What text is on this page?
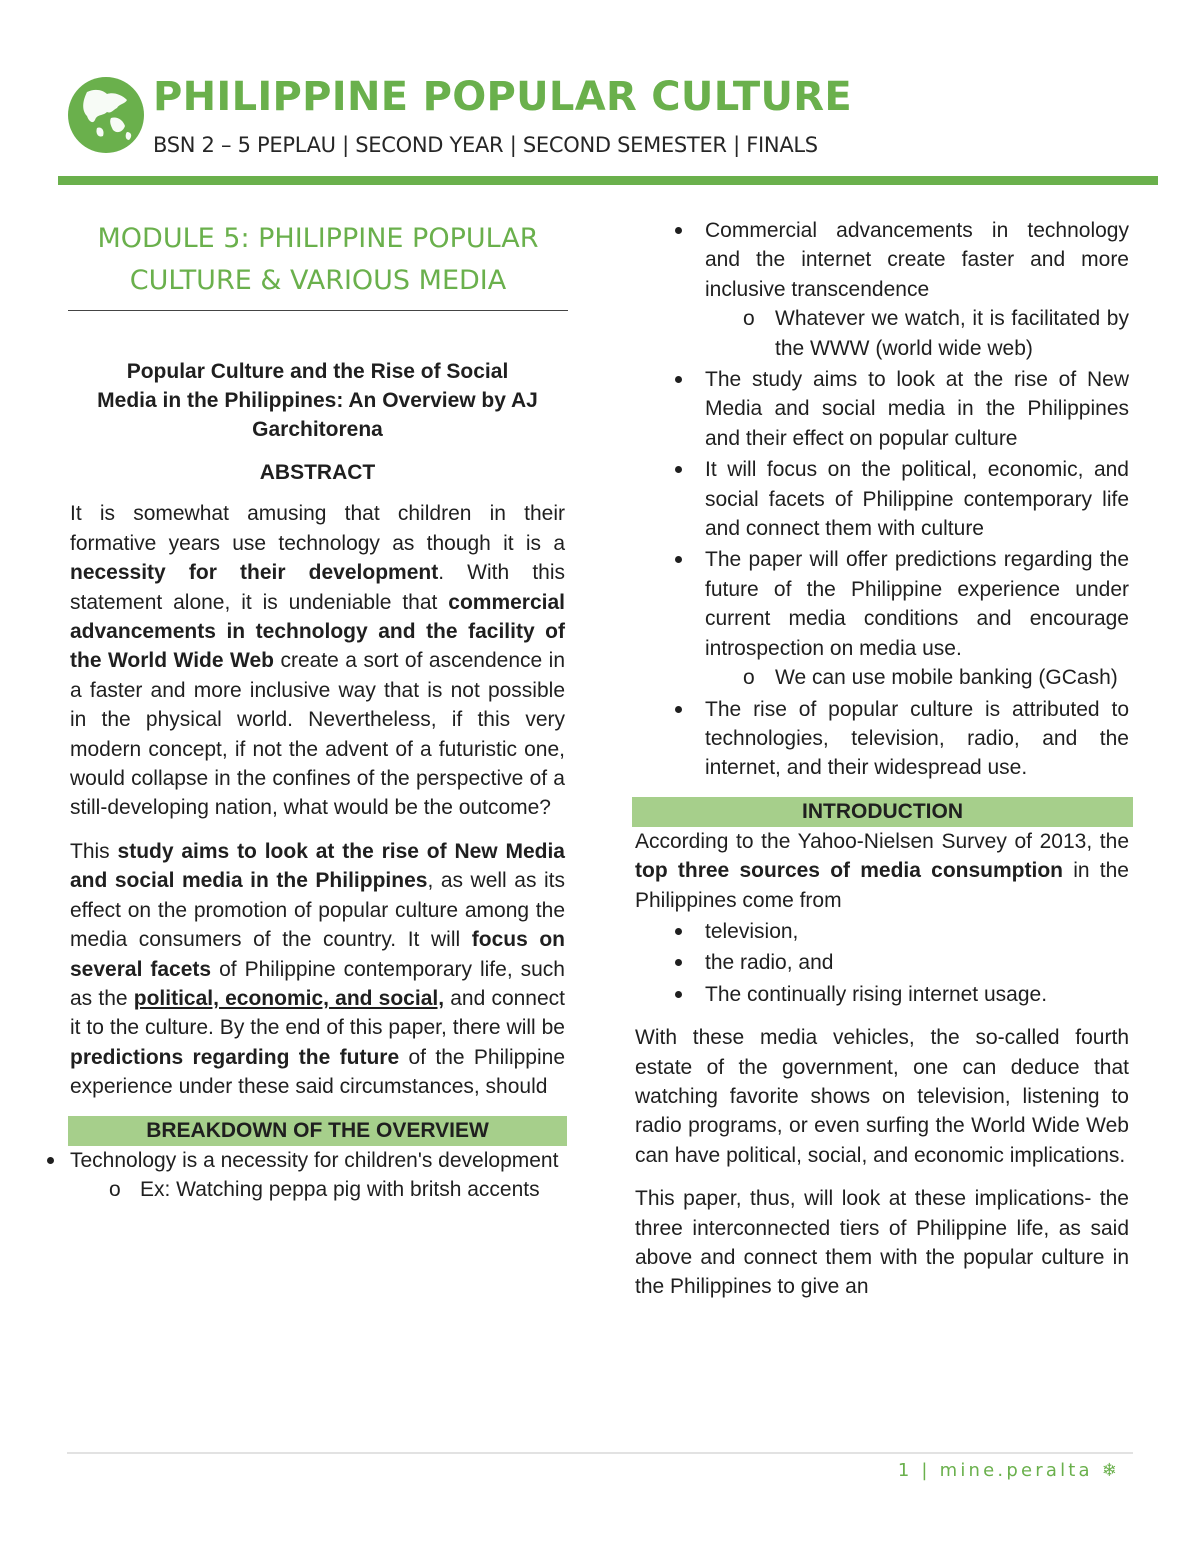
PHILIPPINE POPULAR CULTURE
BSN 2 – 5 PEPLAU | SECOND YEAR | SECOND SEMESTER | FINALS
MODULE 5: PHILIPPINE POPULAR
CULTURE & VARIOUS MEDIA
Popular Culture and the Rise of Social
Media in the Philippines: An Overview by AJ
Garchitorena
ABSTRACT

It is somewhat amusing that children in their formative years use technology as though it is a necessity for their development. With this statement alone, it is undeniable that commercial advancements in technology and the facility of the World Wide Web create a sort of ascendence in a faster and more inclusive way that is not possible in the physical world. Nevertheless, if this very modern concept, if not the advent of a futuristic one, would collapse in the confines of the perspective of a still-developing nation, what would be the outcome?

This study aims to look at the rise of New Media and social media in the Philippines, as well as its effect on the promotion of popular culture among the media consumers of the country. It will focus on several facets of Philippine contemporary life, such as the political, economic, and social, and connect it to the culture. By the end of this paper, there will be predictions regarding the future of the Philippine experience under these said circumstances, should

BREAKDOWN OF THE OVERVIEW
Technology is a necessity for children's development
o Ex: Watching peppa pig with britsh accents
Commercial advancements in technology and the internet create faster and more inclusive transcendence
o Whatever we watch, it is facilitated by the WWW (world wide web)
The study aims to look at the rise of New Media and social media in the Philippines and their effect on popular culture
It will focus on the political, economic, and social facets of Philippine contemporary life and connect them with culture
The paper will offer predictions regarding the future of the Philippine experience under current media conditions and encourage introspection on media use.
o We can use mobile banking (GCash)
The rise of popular culture is attributed to technologies, television, radio, and the internet, and their widespread use.
INTRODUCTION

According to the Yahoo-Nielsen Survey of 2013, the top three sources of media consumption in the Philippines come from

television,
the radio, and
The continually rising internet usage.

With these media vehicles, the so-called fourth estate of the government, one can deduce that watching favorite shows on television, listening to radio programs, or even surfing the World Wide Web can have political, social, and economic implications.

This paper, thus, will look at these implications- the three interconnected tiers of Philippine life, as said above and connect them with the popular culture in the Philippines to give an

1 | mine.peralta ❄
